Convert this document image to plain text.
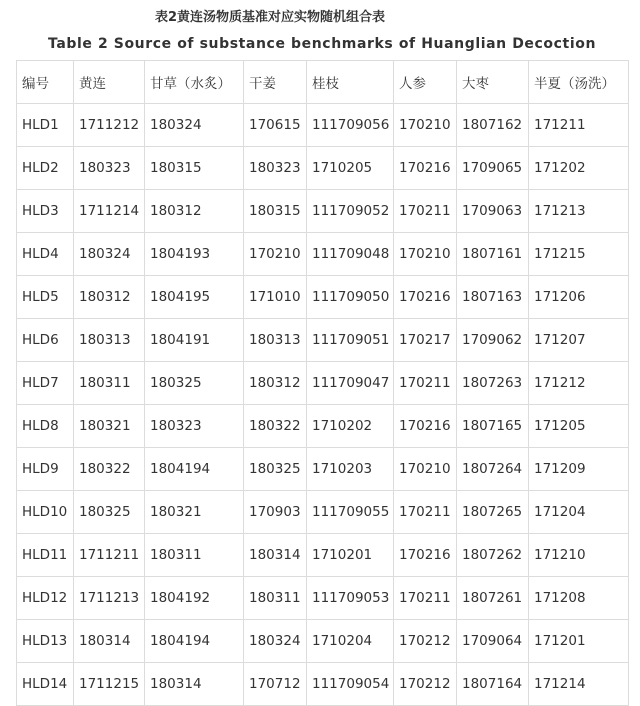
表2黄连汤物质基准对应实物随机组合表
Table 2 Source of substance benchmarks of Huanglian Decoction
编号	黄连	甘草（水炙）	干姜	桂枝	人参	大枣	半夏（汤洗）
HLD1	1711212	180324	170615	111709056	170210	1807162	171211
HLD2	180323	180315	180323	1710205	170216	1709065	171202
HLD3	1711214	180312	180315	111709052	170211	1709063	171213
HLD4	180324	1804193	170210	111709048	170210	1807161	171215
HLD5	180312	1804195	171010	111709050	170216	1807163	171206
HLD6	180313	1804191	180313	111709051	170217	1709062	171207
HLD7	180311	180325	180312	111709047	170211	1807263	171212
HLD8	180321	180323	180322	1710202	170216	1807165	171205
HLD9	180322	1804194	180325	1710203	170210	1807264	171209
HLD10	180325	180321	170903	111709055	170211	1807265	171204
HLD11	1711211	180311	180314	1710201	170216	1807262	171210
HLD12	1711213	1804192	180311	111709053	170211	1807261	171208
HLD13	180314	1804194	180324	1710204	170212	1709064	171201
HLD14	1711215	180314	170712	111709054	170212	1807164	171214
